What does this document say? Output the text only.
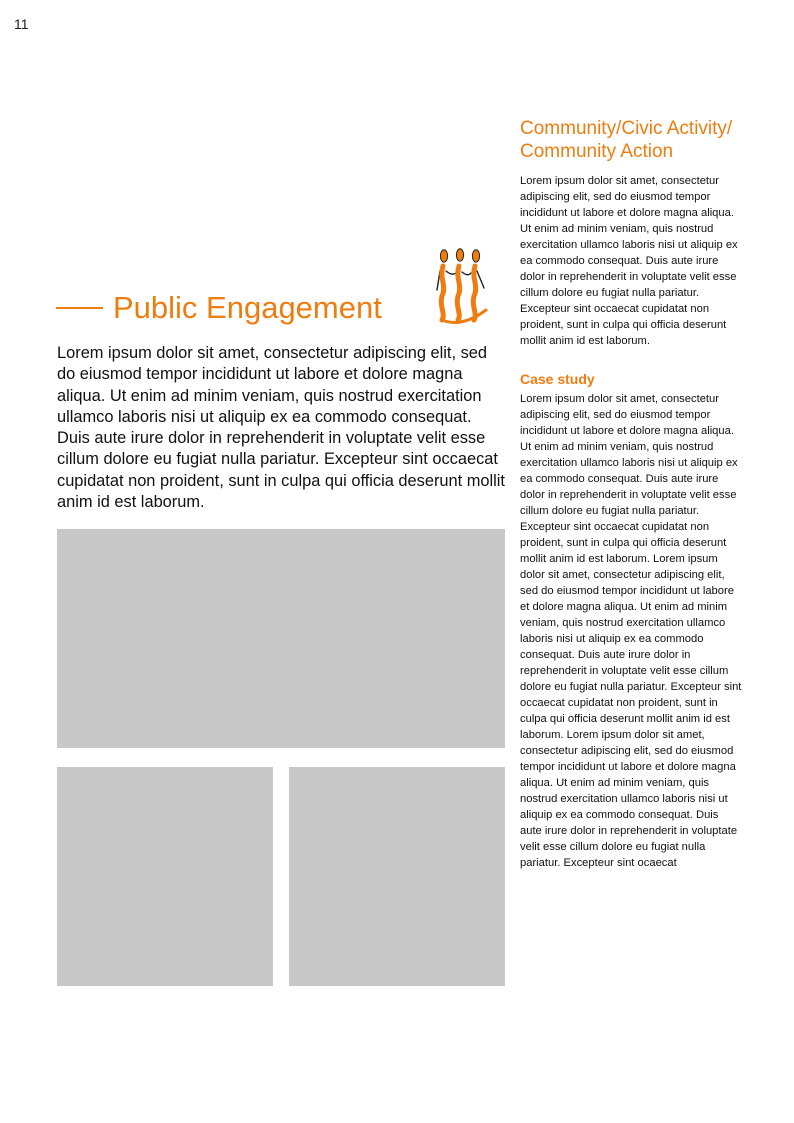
11
Public Engagement

Lorem ipsum dolor sit amet, consectetur adipiscing elit, sed do eiusmod tempor incididunt ut labore et dolore magna aliqua. Ut enim ad minim veniam, quis nostrud exercitation ullamco laboris nisi ut aliquip ex ea commodo consequat. Duis aute irure dolor in reprehenderit in voluptate velit esse cillum dolore eu fugiat nulla pariatur. Excepteur sint occaecat cupidatat non proident, sunt in culpa qui officia deserunt mollit anim id est laborum.

Community/Civic Activity/ Community Action

Lorem ipsum dolor sit amet, consectetur adipiscing elit, sed do eiusmod tempor incididunt ut labore et dolore magna aliqua. Ut enim ad minim veniam, quis nostrud exercitation ullamco laboris nisi ut aliquip ex ea commodo consequat. Duis aute irure dolor in reprehenderit in voluptate velit esse cillum dolore eu fugiat nulla pariatur. Excepteur sint occaecat cupidatat non proident, sunt in culpa qui officia deserunt mollit anim id est laborum.

Case study

Lorem ipsum dolor sit amet, consectetur adipiscing elit, sed do eiusmod tempor incididunt ut labore et dolore magna aliqua. Ut enim ad minim veniam, quis nostrud exercitation ullamco laboris nisi ut aliquip ex ea commodo consequat. Duis aute irure dolor in reprehenderit in voluptate velit esse cillum dolore eu fugiat nulla pariatur. Excepteur sint occaecat cupidatat non proident, sunt in culpa qui officia deserunt mollit anim id est laborum. Lorem ipsum dolor sit amet, consectetur adipiscing elit, sed do eiusmod tempor incididunt ut labore et dolore magna aliqua. Ut enim ad minim veniam, quis nostrud exercitation ullamco laboris nisi ut aliquip ex ea commodo consequat. Duis aute irure dolor in reprehenderit in voluptate velit esse cillum dolore eu fugiat nulla pariatur. Excepteur sint occaecat cupidatat non proident, sunt in culpa qui officia deserunt mollit anim id est laborum. Lorem ipsum dolor sit amet, consectetur adipiscing elit, sed do eiusmod tempor incididunt ut labore et dolore magna aliqua. Ut enim ad minim veniam, quis nostrud exercitation ullamco laboris nisi ut aliquip ex ea commodo consequat. Duis aute irure dolor in reprehenderit in voluptate velit esse cillum dolore eu fugiat nulla pariatur. Excepteur sint ocaecat
